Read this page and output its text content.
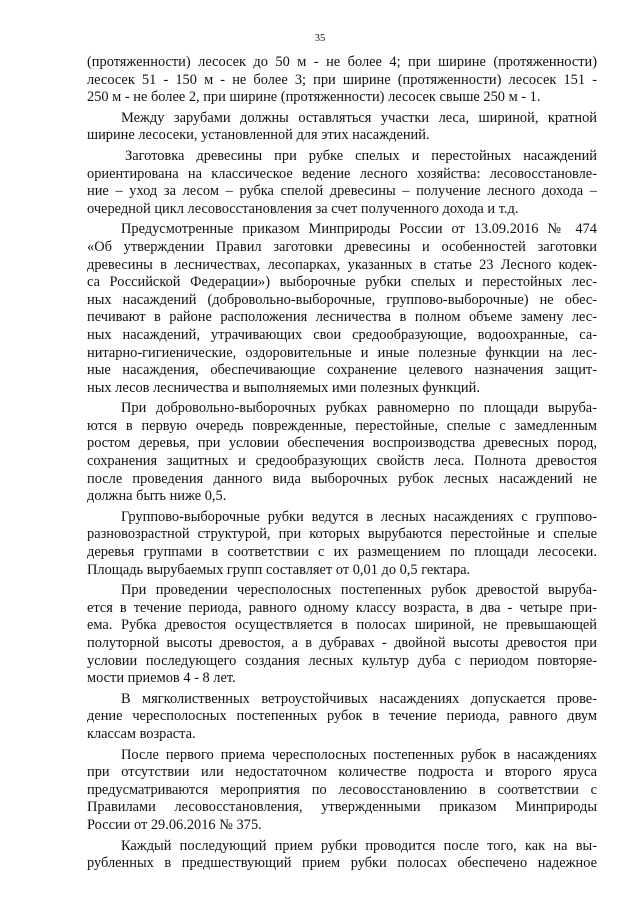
35
(протяженности) лесосек до 50 м - не более 4; при ширине (протяженности)
лесосек 51 - 150 м - не более 3; при ширине (протяженности) лесосек 151 -
250 м - не более 2, при ширине (протяженности) лесосек свыше 250 м - 1.
Между зарубами должны оставляться участки леса, шириной, кратной
ширине лесосеки, установленной для этих насаждений.
Заготовка древесины при рубке спелых и перестойных насаждений
ориентирована на классическое ведение лесного хозяйства: лесовосстановле-
ние – уход за лесом – рубка спелой древесины – получение лесного дохода –
очередной цикл лесовосстановления за счет полученного дохода и т.д.
Предусмотренные приказом Минприроды России от 13.09.2016 № 474
«Об утверждении Правил заготовки древесины и особенностей заготовки
древесины в лесничествах, лесопарках, указанных в статье 23 Лесного кодек-
са Российской Федерации») выборочные рубки спелых и перестойных лес-
ных насаждений (добровольно-выборочные, группово-выборочные) не обес-
печивают в районе расположения лесничества в полном объеме замену лес-
ных насаждений, утрачивающих свои средообразующие, водоохранные, са-
нитарно-гигиенические, оздоровительные и иные полезные функции на лес-
ные насаждения, обеспечивающие сохранение целевого назначения защит-
ных лесов лесничества и выполняемых ими полезных функций.
При добровольно-выборочных рубках равномерно по площади выруба-
ются в первую очередь поврежденные, перестойные, спелые с замедленным
ростом деревья, при условии обеспечения воспроизводства древесных пород,
сохранения защитных и средообразующих свойств леса. Полнота древостоя
после проведения данного вида выборочных рубок лесных насаждений не
должна быть ниже 0,5.
Группово-выборочные рубки ведутся в лесных насаждениях с группово-
разновозрастной структурой, при которых вырубаются перестойные и спелые
деревья группами в соответствии с их размещением по площади лесосеки.
Площадь вырубаемых групп составляет от 0,01 до 0,5 гектара.
При проведении чересполосных постепенных рубок древостой вырубa-
ется в течение периода, равного одному классу возраста, в два - четыре при-
ема. Рубка древостоя осуществляется в полосах шириной, не превышающей
полуторной высоты древостоя, а в дубравах - двойной высоты древостоя при
условии последующего создания лесных культур дуба с периодом повторяе-
мости приемов 4 - 8 лет.
В мягколиственных ветроустойчивых насаждениях допускается прове-
дение чересполосных постепенных рубок в течение периода, равного двум
классам возраста.
После первого приема чересполосных постепенных рубок в насаждениях
при отсутствии или недостаточном количестве подроста и второго яруса
предусматриваются мероприятия по лесовосстановлению в соответствии с
Правилами лесовосстановления, утвержденными приказом Минприроды
России от 29.06.2016 № 375.
Каждый последующий прием рубки проводится после того, как на вы-
рубленных в предшествующий прием рубки полосах обеспечено надежное
